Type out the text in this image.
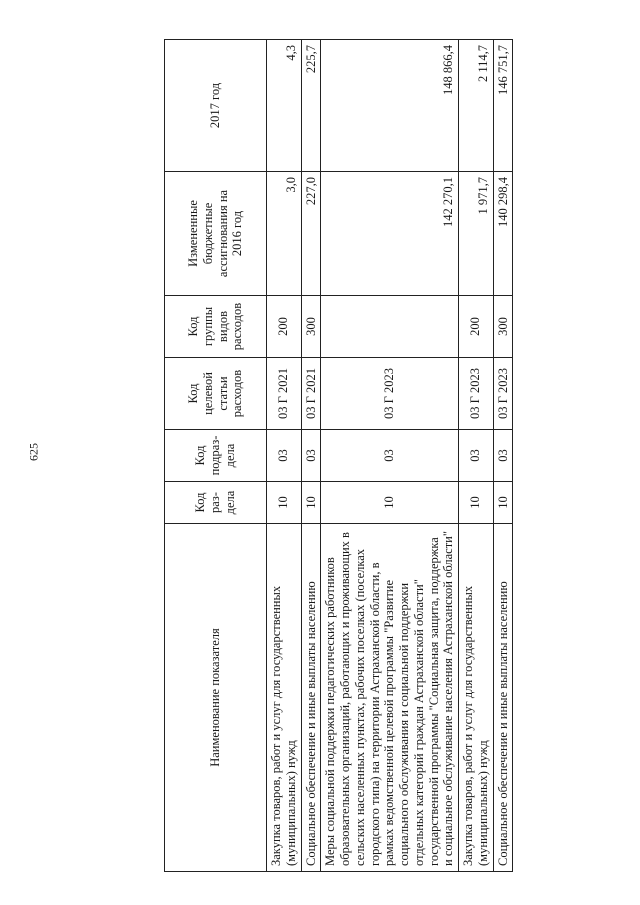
625
Наименование показателя	Код раз-дела	Код подраз-дела	Код целевой статьи расходов	Код группы видов расходов	Измененные бюджетные ассигнования на 2016 год	2017 год
Закупка товаров, работ и услуг для государственных (муниципальных) нужд	10	03	03 Г 2021	200	3,0	4,3
Социальное обеспечение и иные выплаты населению	10	03	03 Г 2021	300	227,0	225,7
Меры социальной поддержки педагогических работников образовательных организаций, работающих и проживающих в сельских населенных пунктах, рабочих поселках (поселках городского типа) на территории Астраханской области, в рамках ведомственной целевой программы "Развитие социального обслуживания и социальной поддержки отдельных категорий граждан Астраханской области" государственной программы "Социальная защита, поддержка и социальное обслуживание населения Астраханской области"	10	03	03 Г 2023		142 270,1	148 866,4
Закупка товаров, работ и услуг для государственных (муниципальных) нужд	10	03	03 Г 2023	200	1 971,7	2 114,7
Социальное обеспечение и иные выплаты населению	10	03	03 Г 2023	300	140 298,4	146 751,7
